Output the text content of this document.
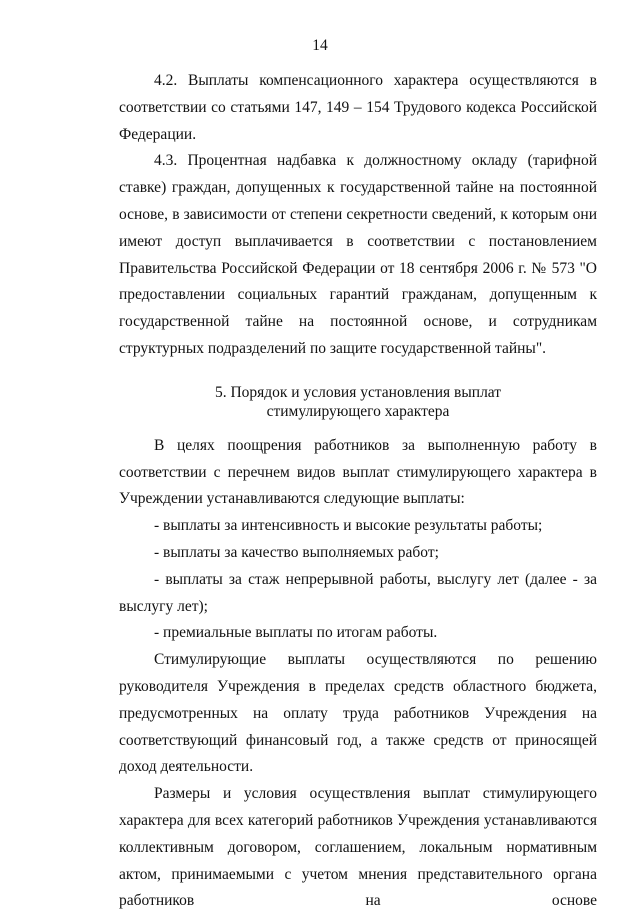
14

4.2. Выплаты компенсационного характера осуществляются в соответствии со статьями 147, 149 – 154 Трудового кодекса Российской Федерации.

4.3. Процентная надбавка к должностному окладу (тарифной ставке) граждан, допущенных к государственной тайне на постоянной основе, в зависимости от степени секретности сведений, к которым они имеют доступ выплачивается в соответствии с постановлением Правительства Российской Федерации от 18 сентября 2006 г. № 573 "О предоставлении социальных гарантий гражданам, допущенным к государственной тайне на постоянной основе, и сотрудникам структурных подразделений по защите государственной тайны".

5. Порядок и условия установления выплат
стимулирующего характера

В целях поощрения работников за выполненную работу в соответствии с перечнем видов выплат стимулирующего характера в Учреждении устанавливаются следующие выплаты:

- выплаты за интенсивность и высокие результаты работы;

- выплаты за качество выполняемых работ;

- выплаты за стаж непрерывной работы, выслугу лет (далее - за выслугу лет);

- премиальные выплаты по итогам работы.

Стимулирующие выплаты осуществляются по решению руководителя Учреждения в пределах средств областного бюджета, предусмотренных на оплату труда работников Учреждения на соответствующий финансовый год, а также средств от приносящей доход деятельности.

Размеры и условия осуществления выплат стимулирующего характера для всех категорий работников Учреждения устанавливаются коллективным договором, соглашением, локальным нормативным актом, принимаемыми с учетом мнения представительного органа работников на основе
